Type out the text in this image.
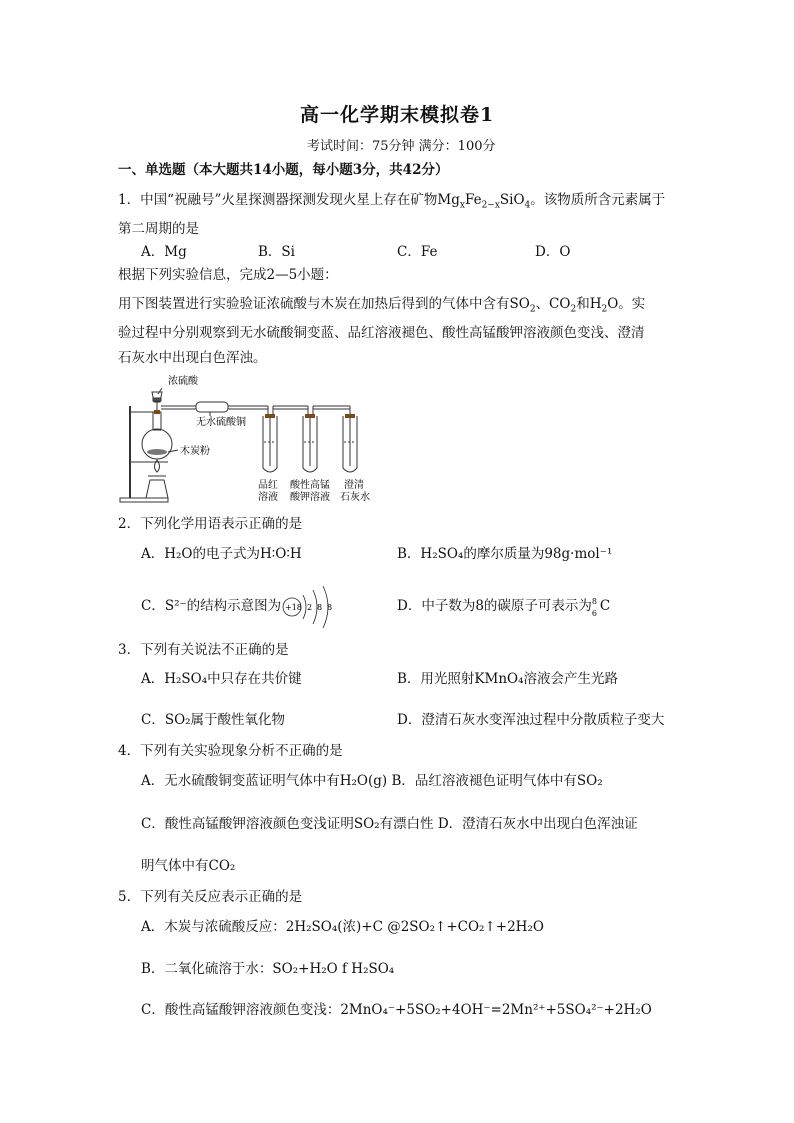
高一化学期末模拟卷1
考试时间：75分钟 满分：100分
一、单选题（本大题共14小题，每小题3分，共42分）
1．中国“祝融号”火星探测器探测发现火星上存在矿物$Mg_xFe_{2-x}SiO_4$。该物质所含元素属于
第二周期的是
A．Mg	B．Si	C．Fe	D．O
根据下列实验信息，完成2—5小题：
用下图装置进行实验验证浓硫酸与木炭在加热后得到的气体中含有$SO_2$、$CO_2$和$H_2O$。实
验过程中分别观察到无水硫酸铜变蓝、品红溶液褪色、酸性高锰酸钾溶液颜色变浅、澄清
石灰水中出现白色浑浊。
浓硫酸
无水硫酸铜
木炭粉
品红
溶液
酸性高锰
酸钾溶液
澄清
石灰水
2．下列化学用语表示正确的是
A．H₂O的电子式为H∶O∶H	B．H₂SO₄的摩尔质量为98g·mol⁻¹
C．S²⁻的结构示意图为 +18 2 8 8	D．中子数为8的碳原子可表示为 8
6 C
3．下列有关说法不正确的是
A．H₂SO₄中只存在共价键	B．用光照射KMnO₄溶液会产生光路
C．SO₂属于酸性氧化物	D．澄清石灰水变浑浊过程中分散质粒子变大
4．下列有关实验现象分析不正确的是
A．无水硫酸铜变蓝证明气体中有H₂O(g) B．品红溶液褪色证明气体中有SO₂
C．酸性高锰酸钾溶液颜色变浅证明SO₂有漂白性 D．澄清石灰水中出现白色浑浊证
明气体中有CO₂
5．下列有关反应表示正确的是
A．木炭与浓硫酸反应：2H₂SO₄(浓)+C @2SO₂↑+CO₂↑+2H₂O
B．二氧化硫溶于水：SO₂+H₂O f H₂SO₄
C．酸性高锰酸钾溶液颜色变浅：2MnO₄⁻+5SO₂+4OH⁻=2Mn²⁺+5SO₄²⁻+2H₂O
